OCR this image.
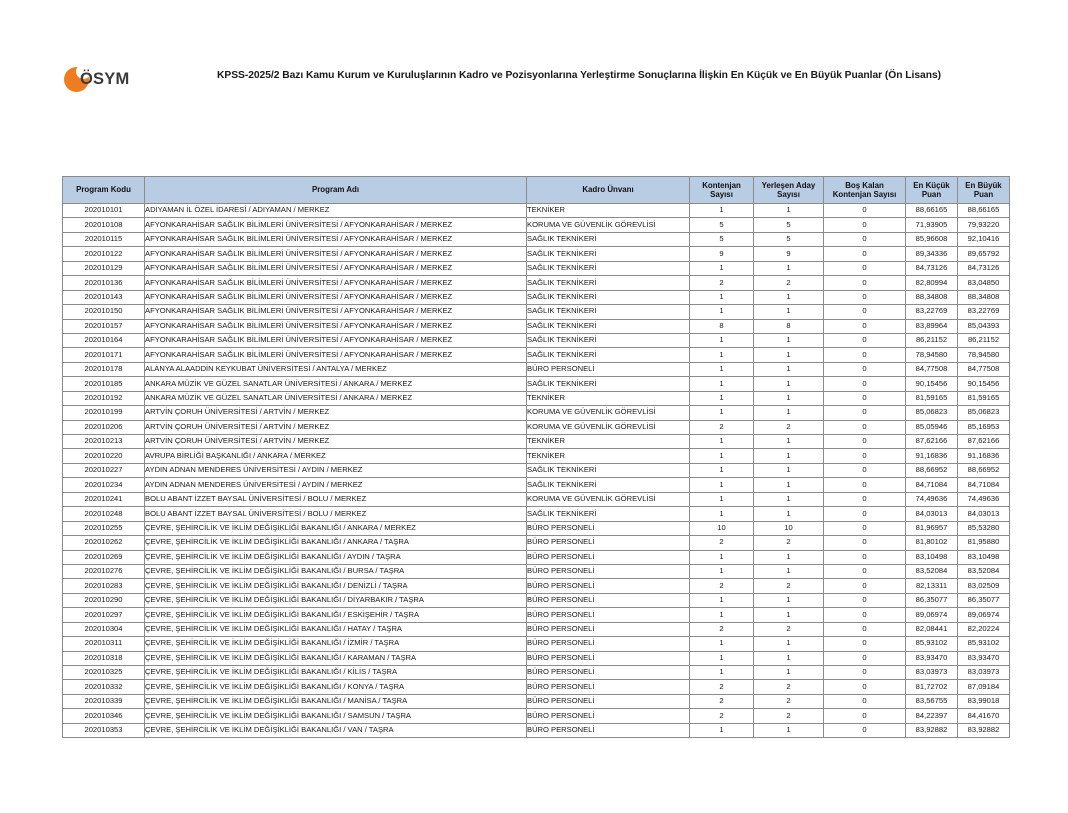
ÖSYM	KPSS-2025/2 Bazı Kamu Kurum ve Kuruluşlarının Kadro ve Pozisyonlarına Yerleştirme Sonuçlarına İlişkin En Küçük ve En Büyük Puanlar (Ön Lisans)
Program Kodu	Program Adı	Kadro Ünvanı	Kontenjan Sayısı	Yerleşen Aday Sayısı	Boş Kalan Kontenjan Sayısı	En Küçük Puan	En Büyük Puan
202010101	ADIYAMAN İL ÖZEL İDARESİ / ADIYAMAN / MERKEZ	TEKNİKER	1	1	0	88,66165	88,66165
202010108	AFYONKARAHİSAR SAĞLIK BİLİMLERİ ÜNİVERSİTESİ / AFYONKARAHİSAR / MERKEZ	KORUMA VE GÜVENLİK GÖREVLİSİ	5	5	0	71,93905	79,93220
202010115	AFYONKARAHİSAR SAĞLIK BİLİMLERİ ÜNİVERSİTESİ / AFYONKARAHİSAR / MERKEZ	SAĞLIK TEKNİKERİ	5	5	0	85,96608	92,10416
202010122	AFYONKARAHİSAR SAĞLIK BİLİMLERİ ÜNİVERSİTESİ / AFYONKARAHİSAR / MERKEZ	SAĞLIK TEKNİKERİ	9	9	0	89,34336	89,65792
202010129	AFYONKARAHİSAR SAĞLIK BİLİMLERİ ÜNİVERSİTESİ / AFYONKARAHİSAR / MERKEZ	SAĞLIK TEKNİKERİ	1	1	0	84,73126	84,73126
202010136	AFYONKARAHİSAR SAĞLIK BİLİMLERİ ÜNİVERSİTESİ / AFYONKARAHİSAR / MERKEZ	SAĞLIK TEKNİKERİ	2	2	0	82,80994	83,04850
202010143	AFYONKARAHİSAR SAĞLIK BİLİMLERİ ÜNİVERSİTESİ / AFYONKARAHİSAR / MERKEZ	SAĞLIK TEKNİKERİ	1	1	0	88,34808	88,34808
202010150	AFYONKARAHİSAR SAĞLIK BİLİMLERİ ÜNİVERSİTESİ / AFYONKARAHİSAR / MERKEZ	SAĞLIK TEKNİKERİ	1	1	0	83,22769	83,22769
202010157	AFYONKARAHİSAR SAĞLIK BİLİMLERİ ÜNİVERSİTESİ / AFYONKARAHİSAR / MERKEZ	SAĞLIK TEKNİKERİ	8	8	0	83,89964	85,04393
202010164	AFYONKARAHİSAR SAĞLIK BİLİMLERİ ÜNİVERSİTESİ / AFYONKARAHİSAR / MERKEZ	SAĞLIK TEKNİKERİ	1	1	0	86,21152	86,21152
202010171	AFYONKARAHİSAR SAĞLIK BİLİMLERİ ÜNİVERSİTESİ / AFYONKARAHİSAR / MERKEZ	SAĞLIK TEKNİKERİ	1	1	0	78,94580	78,94580
202010178	ALANYA ALAADDİN KEYKUBAT ÜNİVERSİTESİ / ANTALYA / MERKEZ	BÜRO PERSONELİ	1	1	0	84,77508	84,77508
202010185	ANKARA MÜZİK VE GÜZEL SANATLAR ÜNİVERSİTESİ / ANKARA / MERKEZ	SAĞLIK TEKNİKERİ	1	1	0	90,15456	90,15456
202010192	ANKARA MÜZİK VE GÜZEL SANATLAR ÜNİVERSİTESİ / ANKARA / MERKEZ	TEKNİKER	1	1	0	81,59165	81,59165
202010199	ARTVİN ÇORUH ÜNİVERSİTESİ / ARTVİN / MERKEZ	KORUMA VE GÜVENLİK GÖREVLİSİ	1	1	0	85,06823	85,06823
202010206	ARTVİN ÇORUH ÜNİVERSİTESİ / ARTVİN / MERKEZ	KORUMA VE GÜVENLİK GÖREVLİSİ	2	2	0	85,05946	85,16953
202010213	ARTVİN ÇORUH ÜNİVERSİTESİ / ARTVİN / MERKEZ	TEKNİKER	1	1	0	87,62166	87,62166
202010220	AVRUPA BİRLİĞİ BAŞKANLIĞI / ANKARA / MERKEZ	TEKNİKER	1	1	0	91,16836	91,16836
202010227	AYDIN ADNAN MENDERES ÜNİVERSİTESİ / AYDIN / MERKEZ	SAĞLIK TEKNİKERİ	1	1	0	88,66952	88,66952
202010234	AYDIN ADNAN MENDERES ÜNİVERSİTESİ / AYDIN / MERKEZ	SAĞLIK TEKNİKERİ	1	1	0	84,71084	84,71084
202010241	BOLU ABANT İZZET BAYSAL ÜNİVERSİTESİ / BOLU / MERKEZ	KORUMA VE GÜVENLİK GÖREVLİSİ	1	1	0	74,49636	74,49636
202010248	BOLU ABANT İZZET BAYSAL ÜNİVERSİTESİ / BOLU / MERKEZ	SAĞLIK TEKNİKERİ	1	1	0	84,03013	84,03013
202010255	ÇEVRE, ŞEHİRCİLİK VE İKLİM DEĞİŞİKLİĞİ BAKANLIĞI / ANKARA / MERKEZ	BÜRO PERSONELİ	10	10	0	81,96957	85,53280
202010262	ÇEVRE, ŞEHİRCİLİK VE İKLİM DEĞİŞİKLİĞİ BAKANLIĞI / ANKARA / TAŞRA	BÜRO PERSONELİ	2	2	0	81,80102	81,95880
202010269	ÇEVRE, ŞEHİRCİLİK VE İKLİM DEĞİŞİKLİĞİ BAKANLIĞI / AYDIN / TAŞRA	BÜRO PERSONELİ	1	1	0	83,10498	83,10498
202010276	ÇEVRE, ŞEHİRCİLİK VE İKLİM DEĞİŞİKLİĞİ BAKANLIĞI / BURSA / TAŞRA	BÜRO PERSONELİ	1	1	0	83,52084	83,52084
202010283	ÇEVRE, ŞEHİRCİLİK VE İKLİM DEĞİŞİKLİĞİ BAKANLIĞI / DENİZLİ / TAŞRA	BÜRO PERSONELİ	2	2	0	82,13311	83,02509
202010290	ÇEVRE, ŞEHİRCİLİK VE İKLİM DEĞİŞİKLİĞİ BAKANLIĞI / DİYARBAKIR / TAŞRA	BÜRO PERSONELİ	1	1	0	86,35077	86,35077
202010297	ÇEVRE, ŞEHİRCİLİK VE İKLİM DEĞİŞİKLİĞİ BAKANLIĞI / ESKİŞEHİR / TAŞRA	BÜRO PERSONELİ	1	1	0	89,06974	89,06974
202010304	ÇEVRE, ŞEHİRCİLİK VE İKLİM DEĞİŞİKLİĞİ BAKANLIĞI / HATAY / TAŞRA	BÜRO PERSONELİ	2	2	0	82,08441	82,20224
202010311	ÇEVRE, ŞEHİRCİLİK VE İKLİM DEĞİŞİKLİĞİ BAKANLIĞI / İZMİR / TAŞRA	BÜRO PERSONELİ	1	1	0	85,93102	85,93102
202010318	ÇEVRE, ŞEHİRCİLİK VE İKLİM DEĞİŞİKLİĞİ BAKANLIĞI / KARAMAN / TAŞRA	BÜRO PERSONELİ	1	1	0	83,93470	83,93470
202010325	ÇEVRE, ŞEHİRCİLİK VE İKLİM DEĞİŞİKLİĞİ BAKANLIĞI / KİLİS / TAŞRA	BÜRO PERSONELİ	1	1	0	83,03973	83,03973
202010332	ÇEVRE, ŞEHİRCİLİK VE İKLİM DEĞİŞİKLİĞİ BAKANLIĞI / KONYA / TAŞRA	BÜRO PERSONELİ	2	2	0	81,72702	87,09184
202010339	ÇEVRE, ŞEHİRCİLİK VE İKLİM DEĞİŞİKLİĞİ BAKANLIĞI / MANİSA / TAŞRA	BÜRO PERSONELİ	2	2	0	83,56755	83,99018
202010346	ÇEVRE, ŞEHİRCİLİK VE İKLİM DEĞİŞİKLİĞİ BAKANLIĞI / SAMSUN / TAŞRA	BÜRO PERSONELİ	2	2	0	84,22397	84,41670
202010353	ÇEVRE, ŞEHİRCİLİK VE İKLİM DEĞİŞİKLİĞİ BAKANLIĞI / VAN / TAŞRA	BÜRO PERSONELİ	1	1	0	83,92882	83,92882
